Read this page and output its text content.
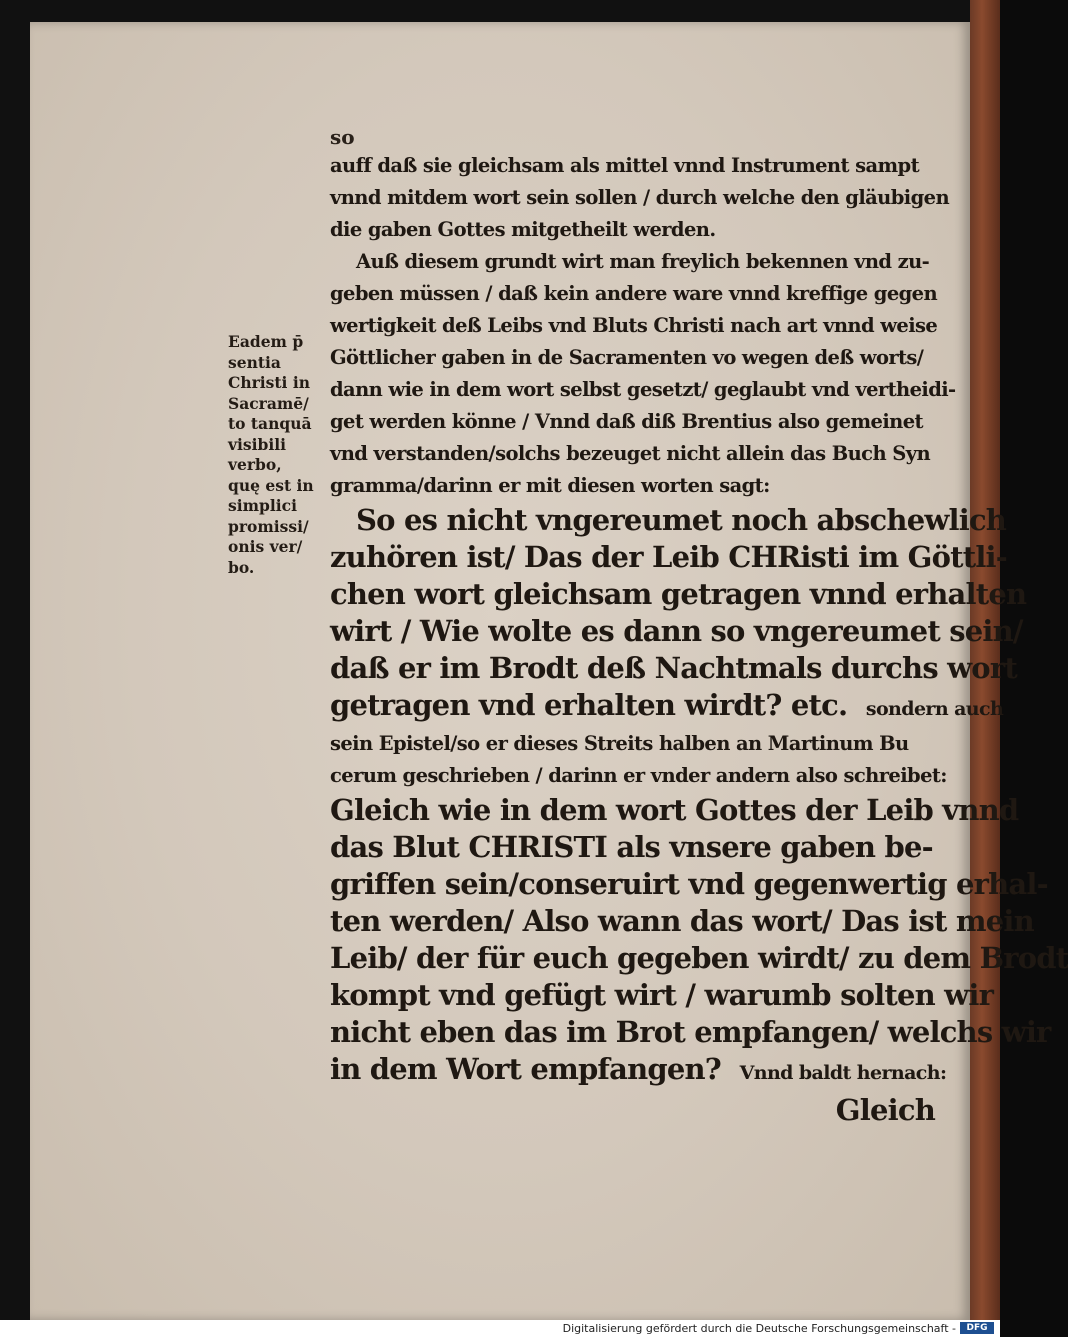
so
Eadem p̄
sentia
Christi in
Sacramē/
to tanquā
visibili
verbo,
quę est in
simplici
promissi/
onis ver/
bo.
auff daß sie gleichsam als mittel vnnd Instrument sampt
vnnd mitdem wort sein sollen / durch welche den gläubigen
die gaben Gottes mitgetheilt werden.
Auß diesem grundt wirt man freylich bekennen vnd zu-
geben müssen / daß kein andere ware vnnd kreffige gegen
wertigkeit deß Leibs vnd Bluts Christi nach art vnnd weise
Göttlicher gaben in de Sacramenten vo wegen deß worts/
dann wie in dem wort selbst gesetzt/ geglaubt vnd vertheidi-
get werden könne / Vnnd daß diß Brentius also gemeinet
vnd verstanden/solchs bezeuget nicht allein das Buch Syn
gramma/darinn er mit diesen worten sagt:
So es nicht vngereumet noch abschewlich
zuhören ist/ Das der Leib CHRisti im Göttli-
chen wort gleichsam getragen vnnd erhalten
wirt / Wie wolte es dann so vngereumet sein/
daß er im Brodt deß Nachtmals durchs wort
getragen vnd erhalten wirdt? etc. sondern auch
sein Epistel/so er dieses Streits halben an Martinum Bu
cerum geschrieben / darinn er vnder andern also schreibet:
Gleich wie in dem wort Gottes der Leib vnnd
das Blut CHRISTI als vnsere gaben be-
griffen sein/conseruirt vnd gegenwertig erhal-
ten werden/ Also wann das wort/ Das ist mein
Leib/ der für euch gegeben wirdt/ zu dem Brodt
kompt vnd gefügt wirt / warumb solten wir
nicht eben das im Brot empfangen/ welchs wir
in dem Wort empfangen? Vnnd baldt hernach:
Gleich
Digitalisierung gefördert durch die Deutsche Forschungsgemeinschaft -	DFG
